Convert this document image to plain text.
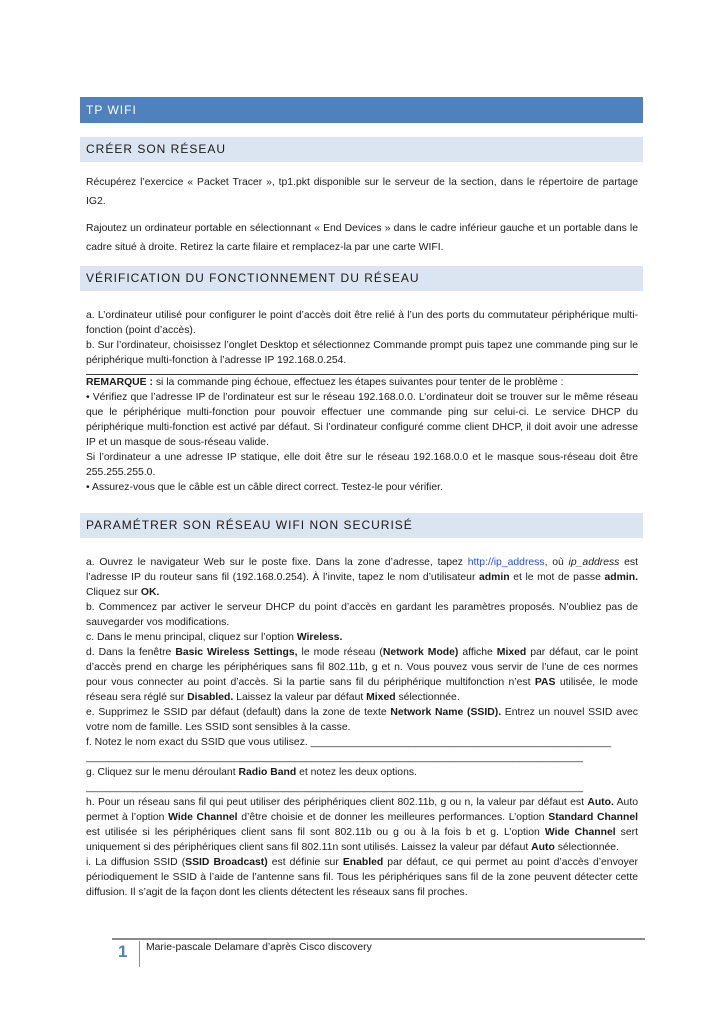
TP WIFI
CRÉER SON RÉSEAU

Récupérez l’exercice « Packet Tracer », tp1.pkt disponible sur le serveur de la section, dans le répertoire de partage IG2.

Rajoutez un ordinateur portable en sélectionnant « End Devices » dans le cadre inférieur gauche et un portable dans le cadre situé à droite. Retirez la carte filaire et remplacez-la par une carte WIFI.

VÉRIFICATION DU FONCTIONNEMENT DU RÉSEAU

a. L’ordinateur utilisé pour configurer le point d’accès doit être relié à l’un des ports du commutateur périphérique multi-fonction (point d’accès).

b. Sur l’ordinateur, choisissez l’onglet Desktop et sélectionnez Commande prompt puis tapez une commande ping sur le périphérique multi-fonction à l’adresse IP 192.168.0.254.

REMARQUE : si la commande ping échoue, effectuez les étapes suivantes pour tenter de le problème :

• Vérifiez que l’adresse IP de l’ordinateur est sur le réseau 192.168.0.0. L’ordinateur doit se trouver sur le même réseau que le périphérique multi-fonction pour pouvoir effectuer une commande ping sur celui-ci. Le service DHCP du périphérique multi-fonction est activé par défaut. Si l’ordinateur configuré comme client DHCP, il doit avoir une adresse IP et un masque de sous-réseau valide.

Si l’ordinateur a une adresse IP statique, elle doit être sur le réseau 192.168.0.0 et le masque sous-réseau doit être 255.255.255.0.

• Assurez-vous que le câble est un câble direct correct. Testez-le pour vérifier.

PARAMÉTRER SON RÉSEAU WIFI NON SECURISÉ

a. Ouvrez le navigateur Web sur le poste fixe. Dans la zone d’adresse, tapez http://ip_address, où ip_address est l’adresse IP du routeur sans fil (192.168.0.254). À l’invite, tapez le nom d’utilisateur admin et le mot de passe admin. Cliquez sur OK.

b. Commencez par activer le serveur DHCP du point d’accès en gardant les paramètres proposés. N’oubliez pas de sauvegarder vos modifications.

c. Dans le menu principal, cliquez sur l’option Wireless.

d. Dans la fenêtre Basic Wireless Settings, le mode réseau (Network Mode) affiche Mixed par défaut, car le point d’accès prend en charge les périphériques sans fil 802.11b, g et n. Vous pouvez vous servir de l’une de ces normes pour vous connecter au point d’accès. Si la partie sans fil du périphérique multifonction n’est PAS utilisée, le mode réseau sera réglé sur Disabled. Laissez la valeur par défaut Mixed sélectionnée.

e. Supprimez le SSID par défaut (default) dans la zone de texte Network Name (SSID). Entrez un nouvel SSID avec votre nom de famille. Les SSID sont sensibles à la casse.

f. Notez le nom exact du SSID que vous utilisez. ____________________________________________________

______________________________________________________________________________________

g. Cliquez sur le menu déroulant Radio Band et notez les deux options.

______________________________________________________________________________________

h. Pour un réseau sans fil qui peut utiliser des périphériques client 802.11b, g ou n, la valeur par défaut est Auto. Auto permet à l’option Wide Channel d’être choisie et de donner les meilleures performances. L’option Standard Channel est utilisée si les périphériques client sans fil sont 802.11b ou g ou à la fois b et g. L’option Wide Channel sert uniquement si des périphériques client sans fil 802.11n sont utilisés. Laissez la valeur par défaut Auto sélectionnée.

i. La diffusion SSID (SSID Broadcast) est définie sur Enabled par défaut, ce qui permet au point d’accès d’envoyer périodiquement le SSID à l’aide de l’antenne sans fil. Tous les périphériques sans fil de la zone peuvent détecter cette diffusion. Il s’agit de la façon dont les clients détectent les réseaux sans fil proches.

1 Marie-pascale Delamare d’après Cisco discovery
